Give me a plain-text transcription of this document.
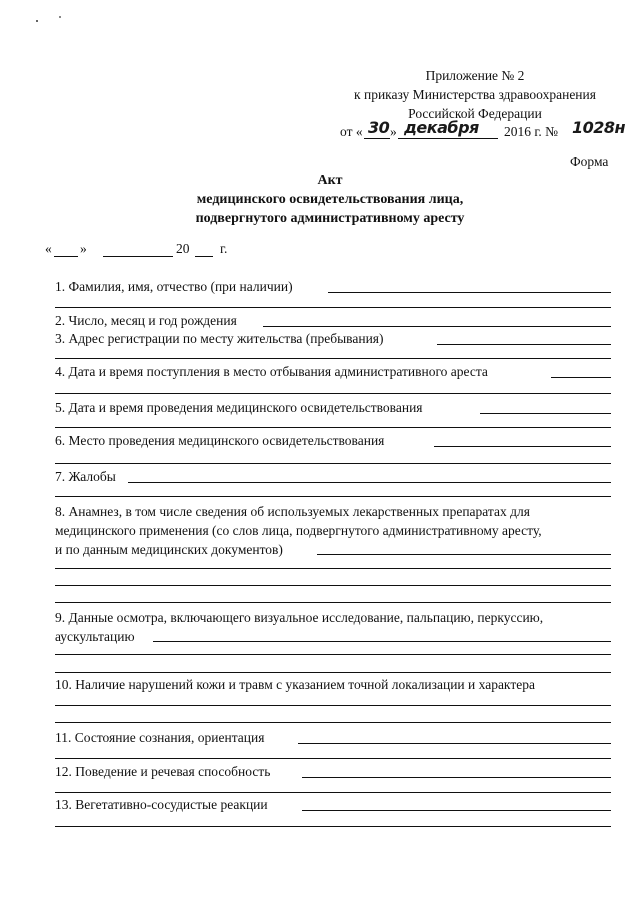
Приложение № 2
к приказу Министерства здравоохранения
Российской Федерации
от « 30 » декабря 2016 г. № 1028н
Форма
Акт
медицинского освидетельствования лица,
подвергнутого административному аресту
« »	20 г.
1. Фамилия, имя, отчество (при наличии)
2. Число, месяц и год рождения
3. Адрес регистрации по месту жительства (пребывания)
4. Дата и время поступления в место отбывания административного ареста
5. Дата и время проведения медицинского освидетельствования
6. Место проведения медицинского освидетельствования
7. Жалобы
8. Анамнез, в том числе сведения об используемых лекарственных препаратах для
медицинского применения (со слов лица, подвергнутого административному аресту,
и по данным медицинских документов)
9. Данные осмотра, включающего визуальное исследование, пальпацию, перкуссию,
аускультацию
10. Наличие нарушений кожи и травм с указанием точной локализации и характера
11. Состояние сознания, ориентация
12. Поведение и речевая способность
13. Вегетативно-сосудистые реакции
